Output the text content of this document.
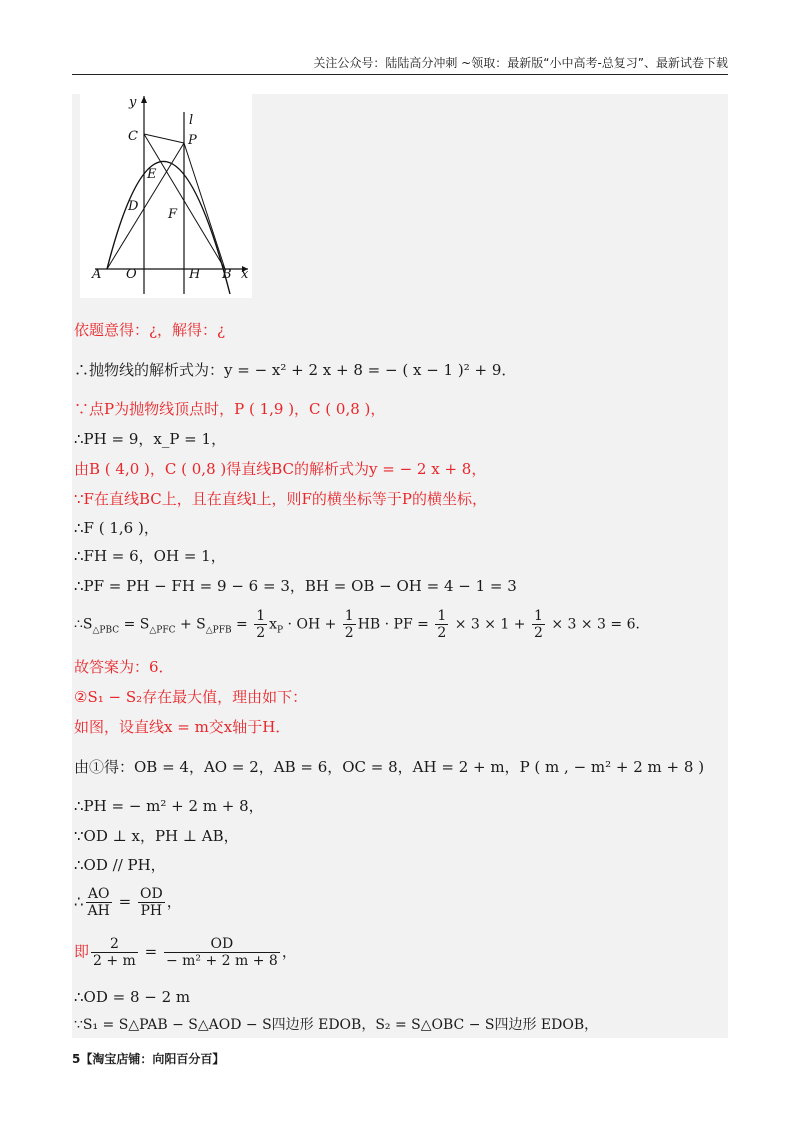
关注公众号：陆陆高分冲刺 ~领取：最新版“小中高考-总复习”、最新试卷下载
y
l
C	P
E
D
F
A O	H B x
依题意得：¿，解得：¿
∴抛物线的解析式为：y = − x² + 2 x + 8 = − ( x − 1 )² + 9．
∵点P为抛物线顶点时，P ( 1,9 )，C ( 0,8 )，
∴PH = 9，x_P = 1，
由B ( 4,0 )，C ( 0,8 )得直线BC的解析式为y = − 2 x + 8，
∵F在直线BC上，且在直线l上，则F的横坐标等于P的横坐标，
∴F ( 1,6 )，
∴FH = 6，OH = 1，
∴PF = PH − FH = 9 − 6 = 3，BH = OB − OH = 4 − 1 = 3
$\therefore S_{\triangle PBC} = S_{\triangle PFC} + S_{\triangle PFB} = \frac{1}{2} x_P$ · OH + $\frac{1}{2}$ HB · PF = $\frac{1}{2} \times 3 \times 1 + \frac{1}{2} \times 3 \times 3 = 6$．
故答案为：6．
②S₁ − S₂存在最大值，理由如下：
如图，设直线x = m交x轴于H．
由①得：OB = 4，AO = 2，AB = 6，OC = 8，AH = 2 + m，P ( m , − m² + 2 m + 8 )
∴PH = − m² + 2 m + 8，
∵OD ⊥ x，PH ⊥ AB，
∴OD // PH，
∴ $\frac{AO}{AH} = \frac{OD}{PH}$ ，
即 $\frac{2}{2 + m} = \frac{OD}{\text{− m² + 2 m + 8}}$ ，
∴OD = 8 − 2 m
∵S₁ = S△PAB − S△AOD − S四边形 EDOB，S₂ = S△OBC − S四边形 EDOB，
5【淘宝店铺：向阳百分百】
